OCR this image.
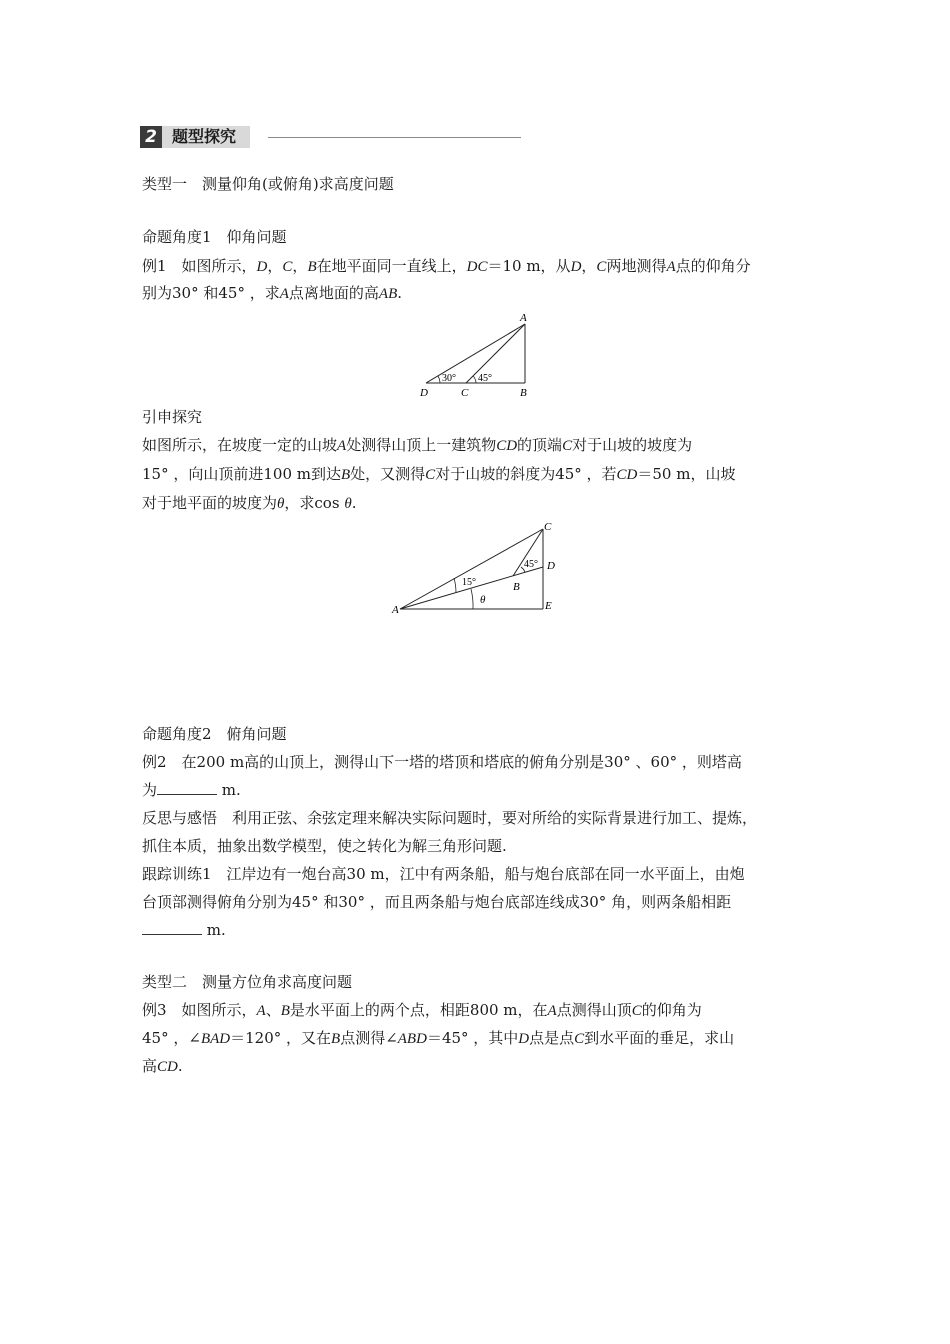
2 题型探究
类型一　测量仰角(或俯角)求高度问题
命题角度1　仰角问题
例1　如图所示，D，C，B在地平面同一直线上，DC＝10 m，从D，C两地测得A点的仰角分
别为30° 和45° ，求A点离地面的高AB.
A
D	C	B
30° 45°
引申探究
如图所示，在坡度一定的山坡A处测得山顶上一建筑物CD的顶端C对于山坡的坡度为
15° ，向山顶前进100 m到达B处，又测得C对于山坡的斜度为45° ，若CD＝50 m，山坡
对于地平面的坡度为θ，求cos θ.
C
D
E
A
B
15°
45°
θ
命题角度2　俯角问题
例2　在200 m高的山顶上，测得山下一塔的塔顶和塔底的俯角分别是30° 、60° ，则塔高
为	m.
反思与感悟　利用正弦、余弦定理来解决实际问题时，要对所给的实际背景进行加工、提炼，
抓住本质，抽象出数学模型，使之转化为解三角形问题.
跟踪训练1　江岸边有一炮台高30 m，江中有两条船，船与炮台底部在同一水平面上，由炮
台顶部测得俯角分别为45° 和30° ，而且两条船与炮台底部连线成30° 角，则两条船相距
m.
类型二　测量方位角求高度问题
例3　如图所示，A、B是水平面上的两个点，相距800 m，在A点测得山顶C的仰角为
45° ，∠BAD＝120° ，又在B点测得∠ABD＝45° ，其中D点是点C到水平面的垂足，求山
高CD.
